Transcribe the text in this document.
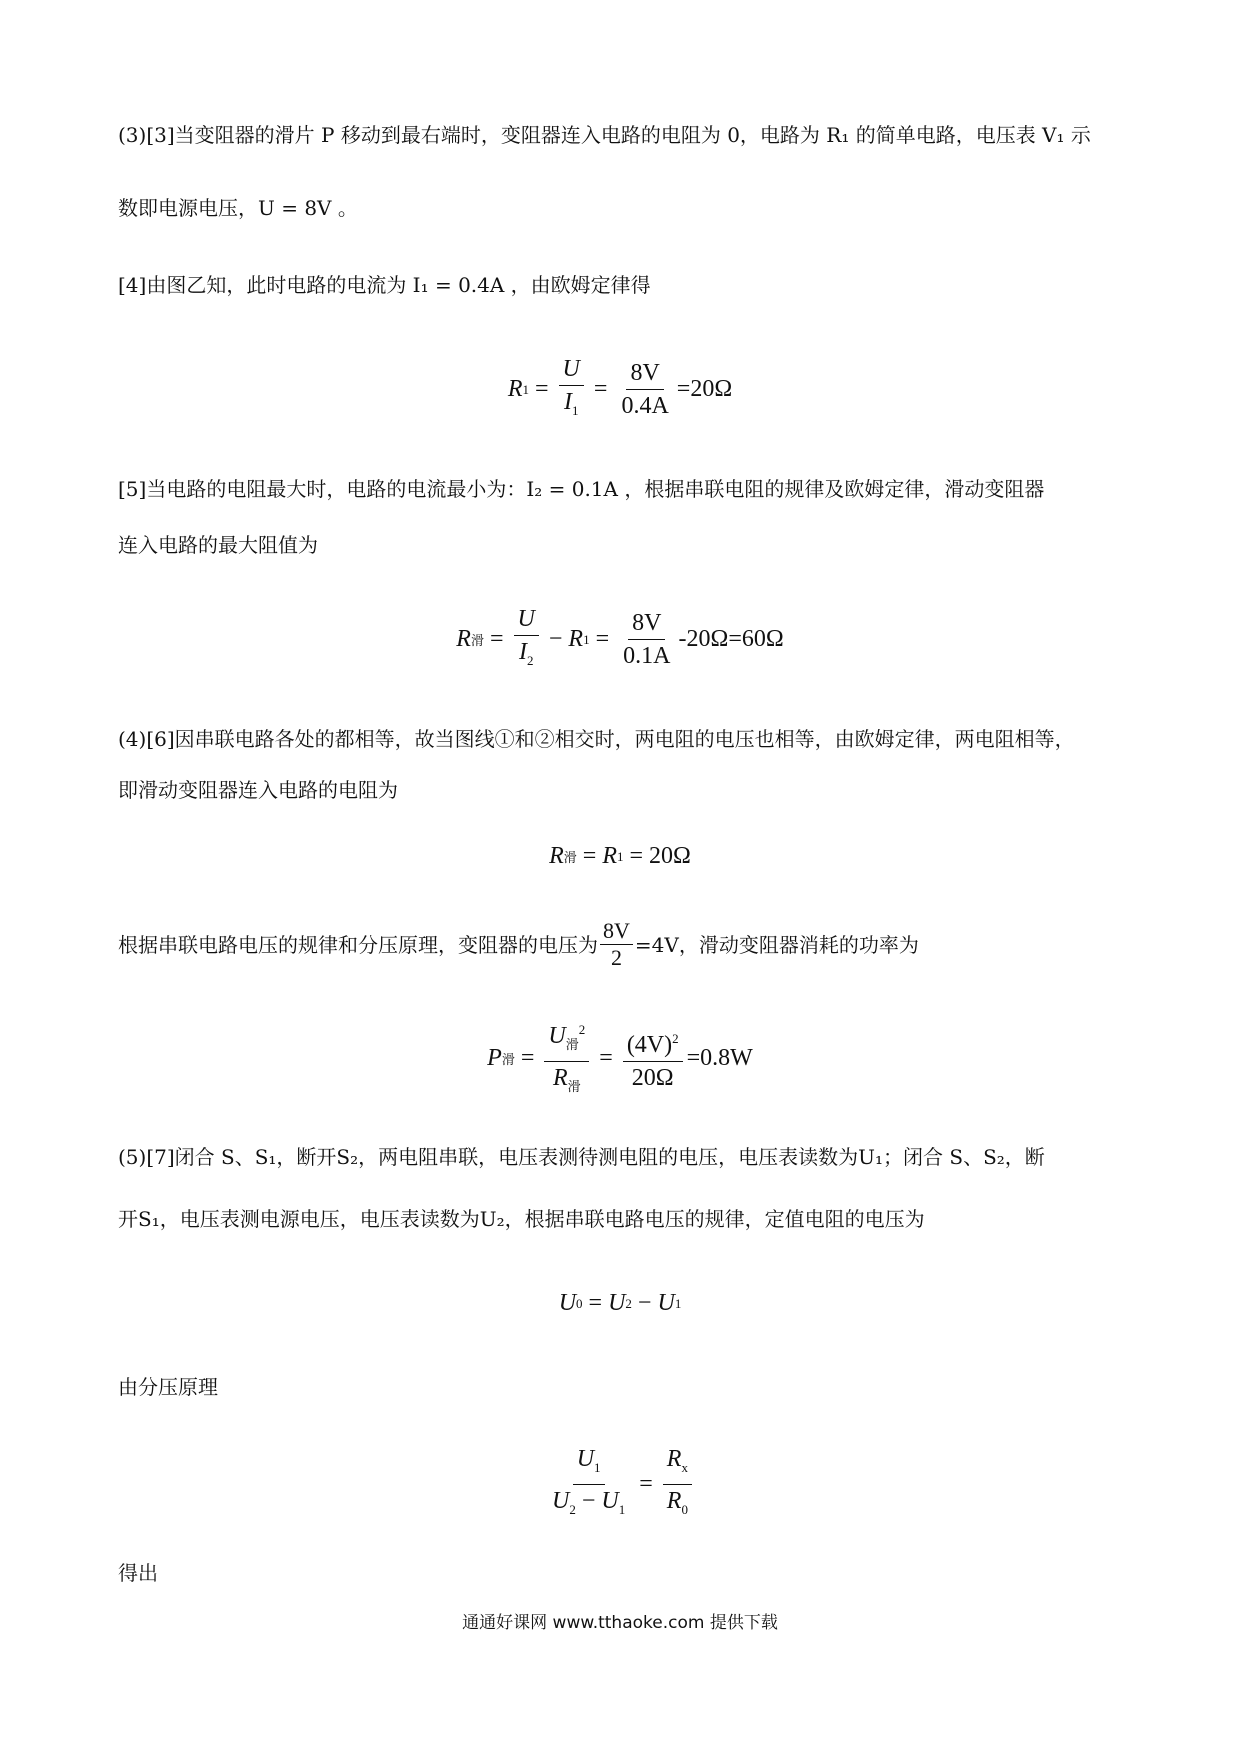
(3)[3]当变阻器的滑片 P 移动到最右端时，变阻器连入电路的电阻为 0，电路为 R₁ 的简单电路，电压表 V₁ 示
数即电源电压，U = 8V 。
[4]由图乙知，此时电路的电流为 I₁ = 0.4A ，由欧姆定律得
R $1 = \frac{U}{I_1} = \frac{8V}{0.4A} =20\Omega$
[5]当电路的电阻最大时，电路的电流最小为：I₂ = 0.1A ，根据串联电阻的规律及欧姆定律，滑动变阻器
连入电路的最大阻值为
R 滑 = $\frac{U}{I_2} - R$ $1 = \frac{8V}{0.1A} -20\Omega=60\Omega$
(4)[6]因串联电路各处的都相等，故当图线①和②相交时，两电阻的电压也相等，由欧姆定律，两电阻相等，
即滑动变阻器连入电路的电阻为
R 滑 = R 1 = 20Ω
根据串联电路电压的规律和分压原理，变阻器的电压为 $\frac{8V}{2} =4V$，滑动变阻器消耗的功率为
P 滑 = $\frac{U_滑^2}{R_滑} = \frac{(4V)^2}{20\Omega} =0.8W$
(5)[7]闭合 S、S₁，断开S₂，两电阻串联，电压表测待测电阻的电压，电压表读数为U₁；闭合 S、S₂，断
开S₁，电压表测电源电压，电压表读数为U₂，根据串联电路电压的规律，定值电阻的电压为
U 0 = U 2 − U 1
由分压原理
$\frac{U_1}{U_2 - U_1} = \frac{R_x}{R_0}$
得出
通通好课网 www.tthaoke.com 提供下载
